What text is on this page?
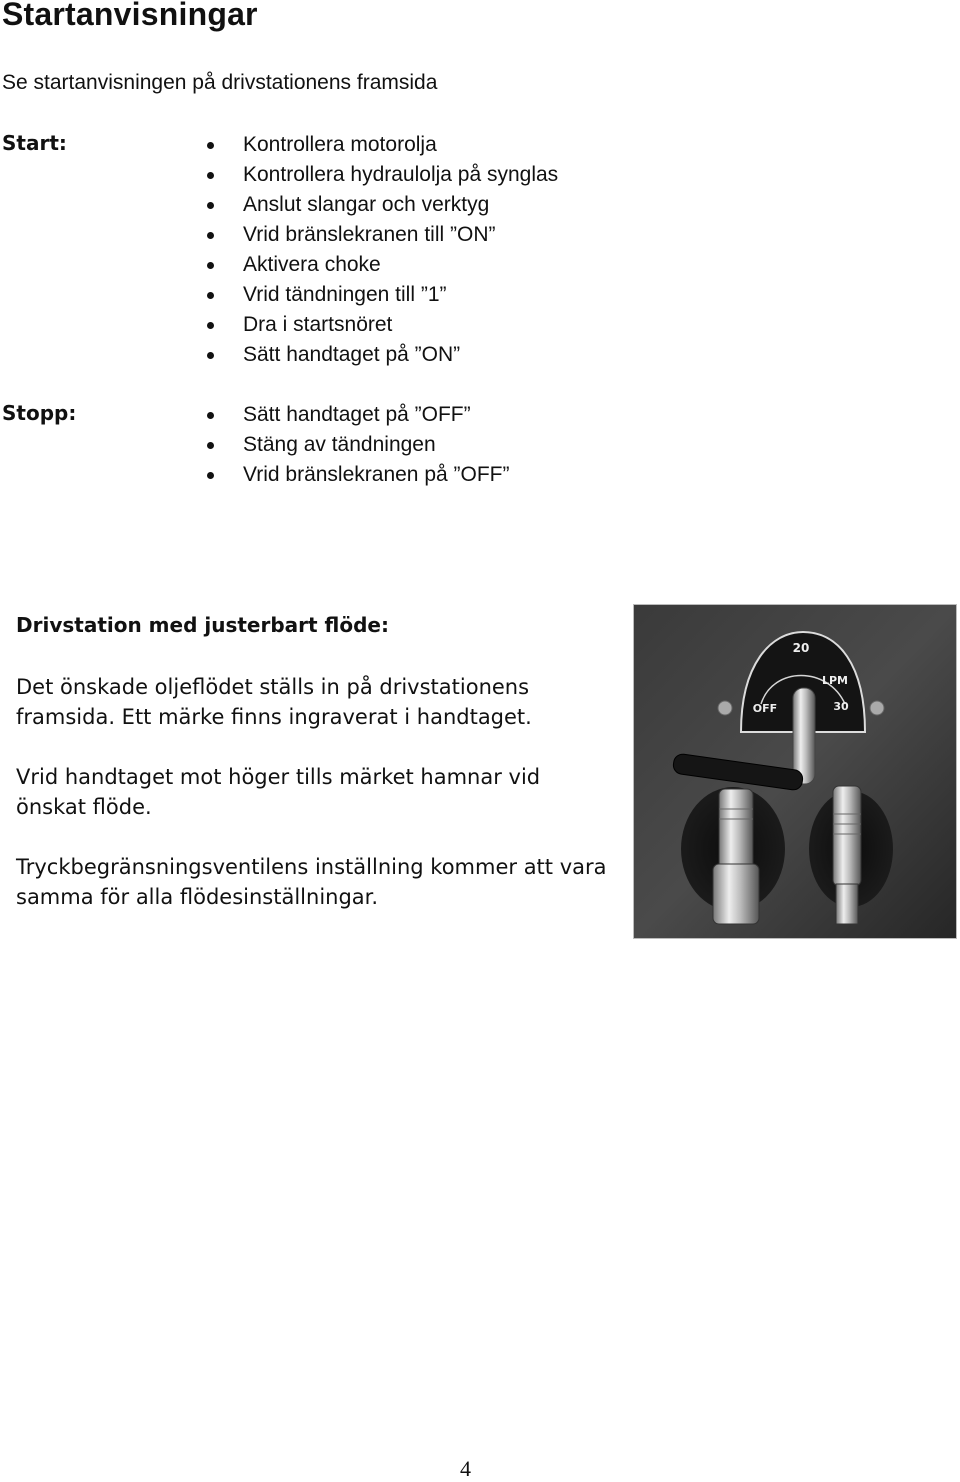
Startanvisningar
Se startanvisningen på drivstationens framsida
Start:	Kontrollera motorolja
Kontrollera hydraulolja på synglas
Anslut slangar och verktyg
Vrid bränslekranen till ”ON”
Aktivera choke
Vrid tändningen till ”1”
Dra i startsnöret
Sätt handtaget på ”ON”
Stopp:	Sätt handtaget på ”OFF”
Stäng av tändningen
Vrid bränslekranen på ”OFF”
Drivstation med justerbart flöde:
Det önskade oljeflödet ställs in på drivstationens framsida. Ett märke finns ingraverat i handtaget.
Vrid handtaget mot höger tills märket hamnar vid önskat flöde.
Tryckbegränsningsventilens inställning kommer att vara samma för alla flödesinställningar.
20
LPM
OFF	30
4
